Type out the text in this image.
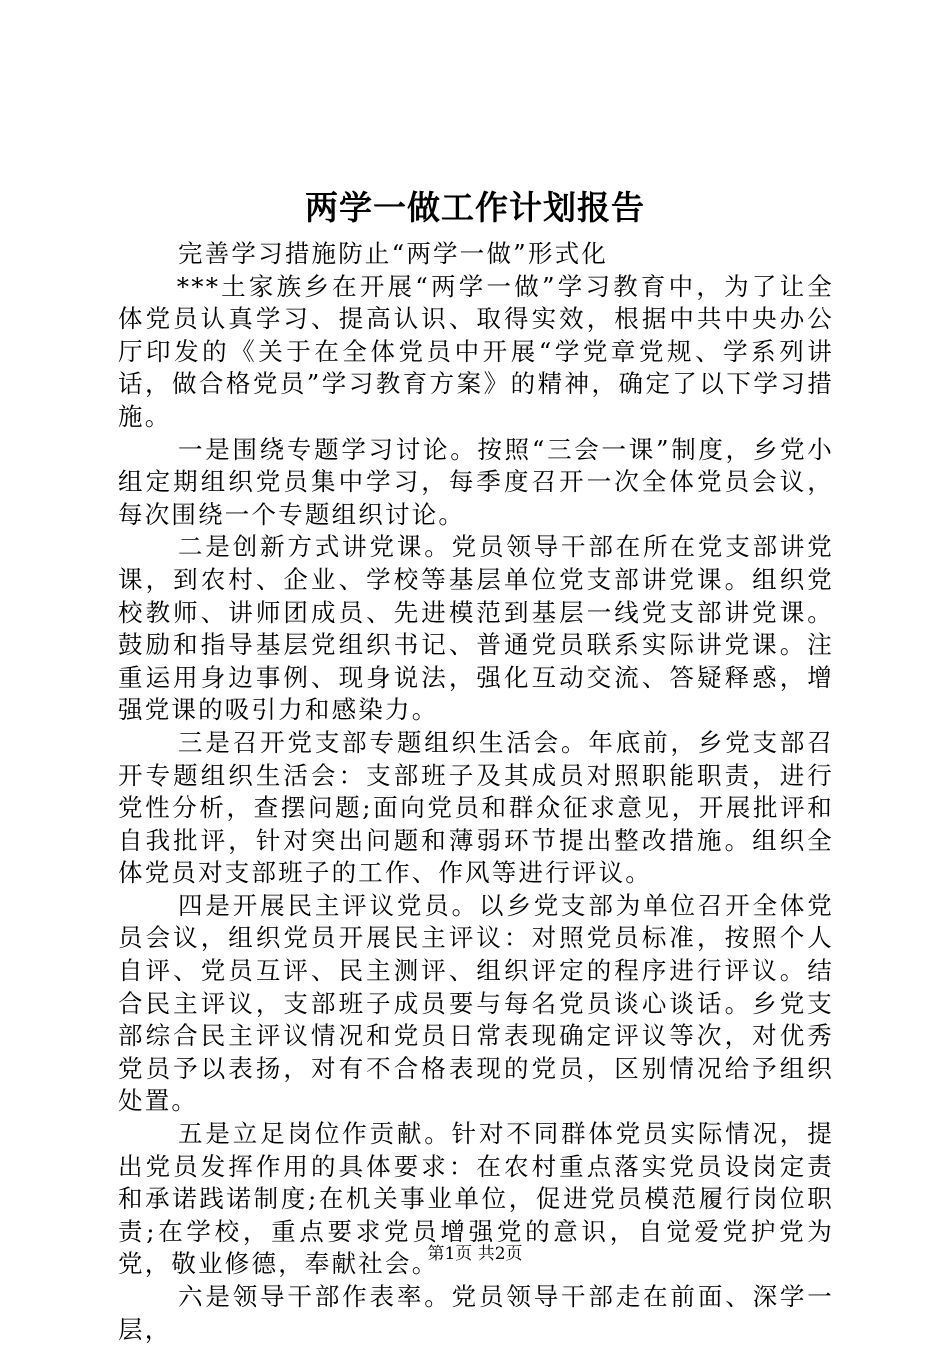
两学一做工作计划报告

完善学习措施防止“两学一做”形式化

***土家族乡在开展“两学一做”学习教育中，为了让全体党员认真学习、提高认识、取得实效，根据中共中央办公厅印发的《关于在全体党员中开展“学党章党规、学系列讲话，做合格党员”学习教育方案》的精神，确定了以下学习措施。

一是围绕专题学习讨论。按照“三会一课”制度，乡党小组定期组织党员集中学习，每季度召开一次全体党员会议，每次围绕一个专题组织讨论。

二是创新方式讲党课。党员领导干部在所在党支部讲党课，到农村、企业、学校等基层单位党支部讲党课。组织党校教师、讲师团成员、先进模范到基层一线党支部讲党课。鼓励和指导基层党组织书记、普通党员联系实际讲党课。注重运用身边事例、现身说法，强化互动交流、答疑释惑，增强党课的吸引力和感染力。

三是召开党支部专题组织生活会。年底前，乡党支部召开专题组织生活会：支部班子及其成员对照职能职责，进行党性分析，查摆问题;面向党员和群众征求意见，开展批评和自我批评，针对突出问题和薄弱环节提出整改措施。组织全体党员对支部班子的工作、作风等进行评议。

四是开展民主评议党员。以乡党支部为单位召开全体党员会议，组织党员开展民主评议：对照党员标准，按照个人自评、党员互评、民主测评、组织评定的程序进行评议。结合民主评议，支部班子成员要与每名党员谈心谈话。乡党支部综合民主评议情况和党员日常表现确定评议等次，对优秀党员予以表扬，对有不合格表现的党员，区别情况给予组织处置。

五是立足岗位作贡献。针对不同群体党员实际情况，提出党员发挥作用的具体要求：在农村重点落实党员设岗定责和承诺践诺制度;在机关事业单位，促进党员模范履行岗位职责;在学校，重点要求党员增强党的意识，自觉爱党护党为党，敬业修德，奉献社会。

六是领导干部作表率。党员领导干部走在前面、深学一层，

第1页 共2页
